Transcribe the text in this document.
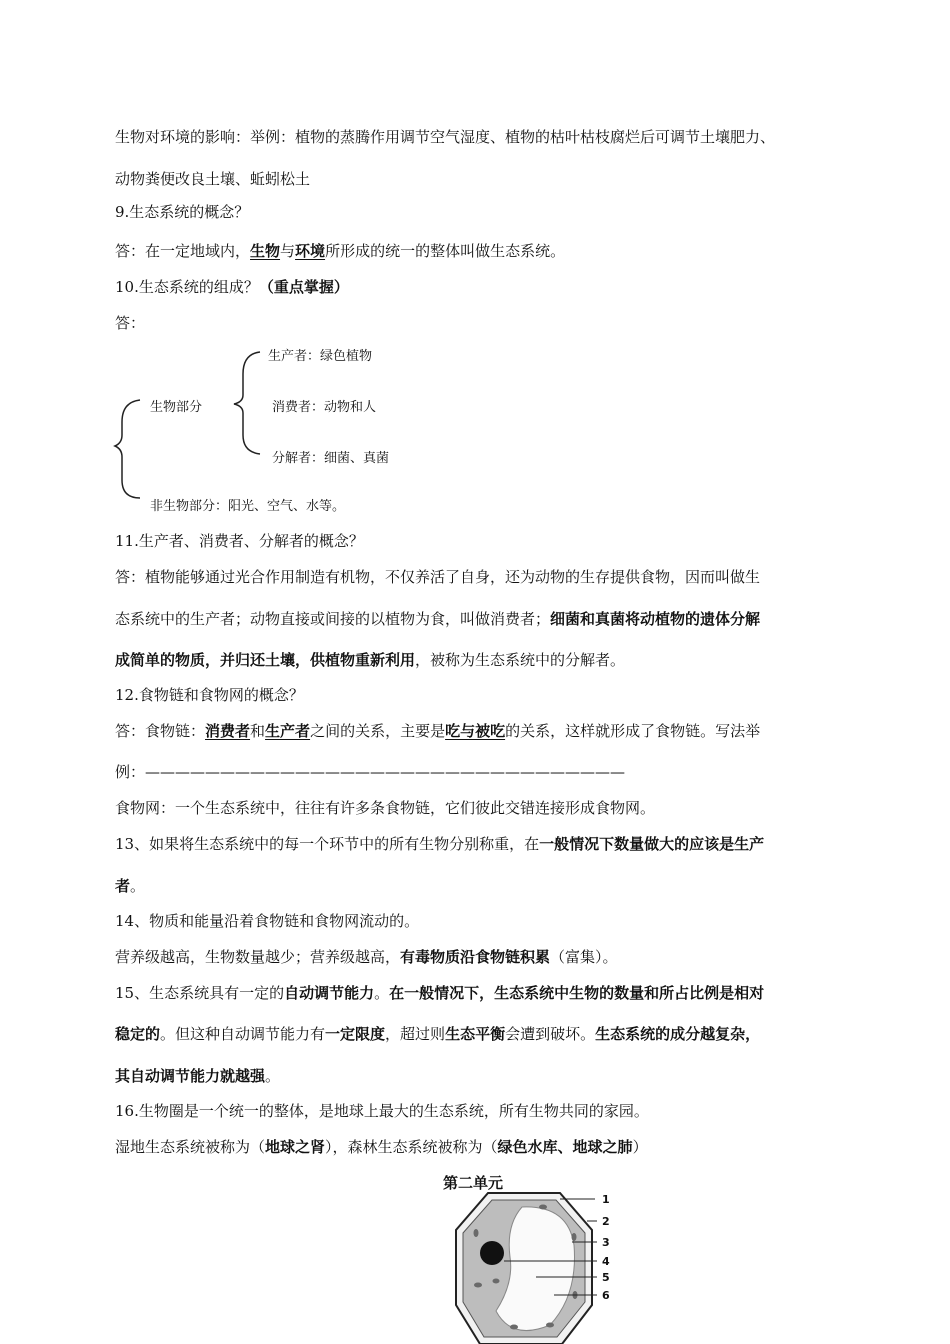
生物对环境的影响：举例：植物的蒸腾作用调节空气湿度、植物的枯叶枯枝腐烂后可调节土壤肥力、
动物粪便改良土壤、蚯蚓松土
9.生态系统的概念？
答：在一定地域内，生物与环境所形成的统一的整体叫做生态系统。
10.生态系统的组成？（重点掌握）
答：
生物部分
生产者：绿色植物
消费者：动物和人
分解者：细菌、真菌
非生物部分：阳光、空气、水等。
11.生产者、消费者、分解者的概念？
答：植物能够通过光合作用制造有机物，不仅养活了自身，还为动物的生存提供食物，因而叫做生
态系统中的生产者；动物直接或间接的以植物为食，叫做消费者；细菌和真菌将动植物的遗体分解
成简单的物质，并归还土壤，供植物重新利用，被称为生态系统中的分解者。
12.食物链和食物网的概念？
答：食物链：消费者和生产者之间的关系，主要是吃与被吃的关系，这样就形成了食物链。写法举
例：————————————————————————————————
食物网：一个生态系统中，往往有许多条食物链，它们彼此交错连接形成食物网。
13、如果将生态系统中的每一个环节中的所有生物分别称重，在一般情况下数量做大的应该是生产
者。
14、物质和能量沿着食物链和食物网流动的。
营养级越高，生物数量越少；营养级越高，有毒物质沿食物链积累（富集）。
15、生态系统具有一定的自动调节能力。在一般情况下，生态系统中生物的数量和所占比例是相对
稳定的。但这种自动调节能力有一定限度，超过则生态平衡会遭到破坏。生态系统的成分越复杂，
其自动调节能力就越强。
16.生物圈是一个统一的整体，是地球上最大的生态系统，所有生物共同的家园。
湿地生态系统被称为（地球之肾），森林生态系统被称为（绿色水库、地球之肺）
第二单元
1
2
3
4
5
6
